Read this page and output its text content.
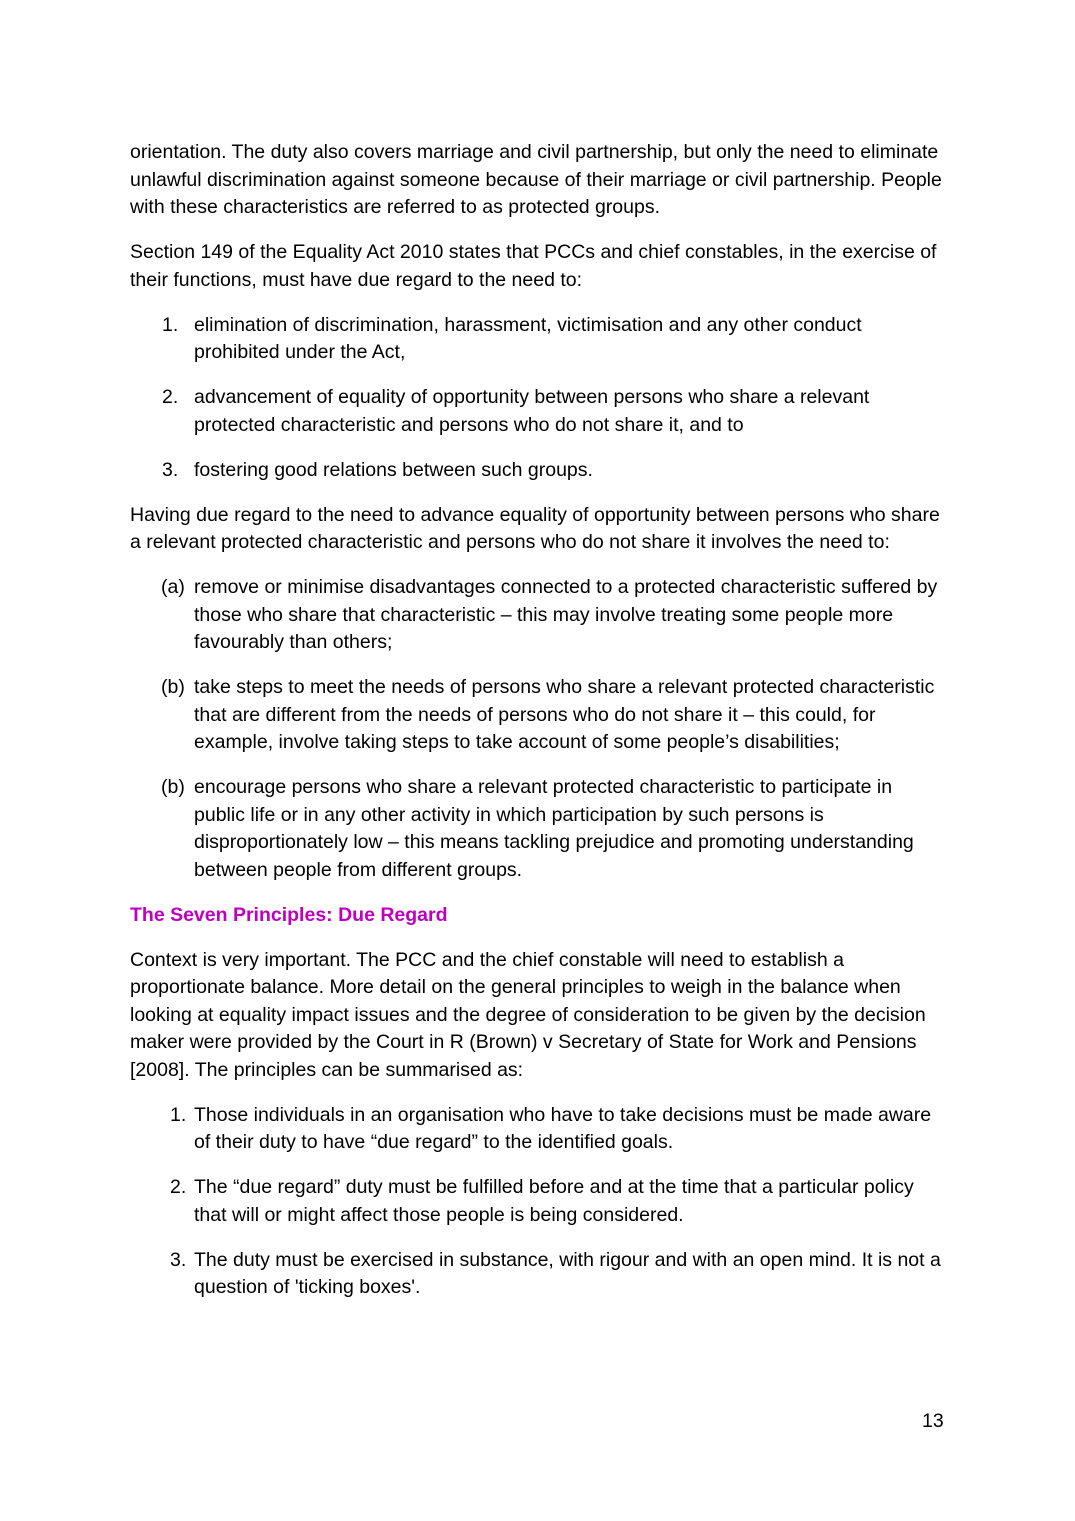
orientation. The duty also covers marriage and civil partnership, but only the need to eliminate unlawful discrimination against someone because of their marriage or civil partnership. People with these characteristics are referred to as protected groups.

Section 149 of the Equality Act 2010 states that PCCs and chief constables, in the exercise of their functions, must have due regard to the need to:

1. elimination of discrimination, harassment, victimisation and any other conduct prohibited under the Act,
2. advancement of equality of opportunity between persons who share a relevant protected characteristic and persons who do not share it, and to
3. fostering good relations between such groups.

Having due regard to the need to advance equality of opportunity between persons who share a relevant protected characteristic and persons who do not share it involves the need to:

(a) remove or minimise disadvantages connected to a protected characteristic suffered by those who share that characteristic – this may involve treating some people more favourably than others;
(b) take steps to meet the needs of persons who share a relevant protected characteristic that are different from the needs of persons who do not share it – this could, for example, involve taking steps to take account of some people’s disabilities;
(b) encourage persons who share a relevant protected characteristic to participate in public life or in any other activity in which participation by such persons is disproportionately low – this means tackling prejudice and promoting understanding between people from different groups.

The Seven Principles: Due Regard

Context is very important. The PCC and the chief constable will need to establish a proportionate balance. More detail on the general principles to weigh in the balance when looking at equality impact issues and the degree of consideration to be given by the decision maker were provided by the Court in R (Brown) v Secretary of State for Work and Pensions [2008]. The principles can be summarised as:

1. Those individuals in an organisation who have to take decisions must be made aware of their duty to have “due regard” to the identified goals.
2. The “due regard” duty must be fulfilled before and at the time that a particular policy that will or might affect those people is being considered.
3. The duty must be exercised in substance, with rigour and with an open mind. It is not a question of 'ticking boxes'.
13
